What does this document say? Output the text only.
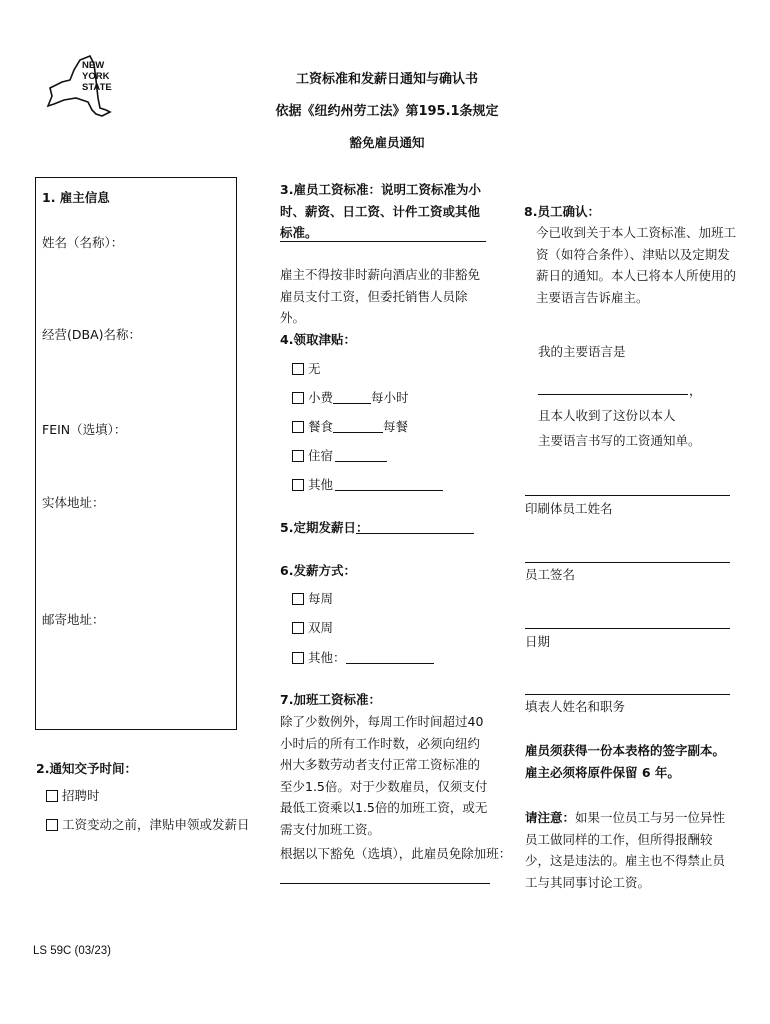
NEW
YORK
STATE
工资标准和发薪日通知与确认书
依据《纽约州劳工法》第195.1条规定
豁免雇员通知
1. 雇主信息
姓名（名称）：
经营(DBA)名称：
FEIN（选填）：
实体地址：
邮寄地址：
2.通知交予时间：
招聘时
工资变动之前，津贴申领或发薪日
3.雇员工资标准：说明工资标准为小时、薪资、日工资、计件工资或其他标准。
雇主不得按非时薪向酒店业的非豁免雇员支付工资，但委托销售人员除外。
4.领取津贴：
无
小费	每小时
餐食	每餐
住宿
其他
5.定期发薪日：
6.发薪方式：
每周
双周
其他：
7.加班工资标准：
除了少数例外，每周工作时间超过40小时后的所有工作时数，必须向纽约州大多数劳动者支付正常工资标准的至少1.5倍。对于少数雇员，仅须支付最低工资乘以1.5倍的加班工资，或无需支付加班工资。
根据以下豁免（选填），此雇员免除加班：
8.员工确认：
今已收到关于本人工资标准、加班工资（如符合条件）、津贴以及定期发薪日的通知。本人已将本人所使用的主要语言告诉雇主。
我的主要语言是
，
且本人收到了这份以本人
主要语言书写的工资通知单。
印刷体员工姓名
员工签名
日期
填表人姓名和职务
雇员须获得一份本表格的签字副本。雇主必须将原件保留 6 年。
请注意：如果一位员工与另一位异性员工做同样的工作，但所得报酬较少，这是违法的。雇主也不得禁止员工与其同事讨论工资。
LS 59C (03/23)
